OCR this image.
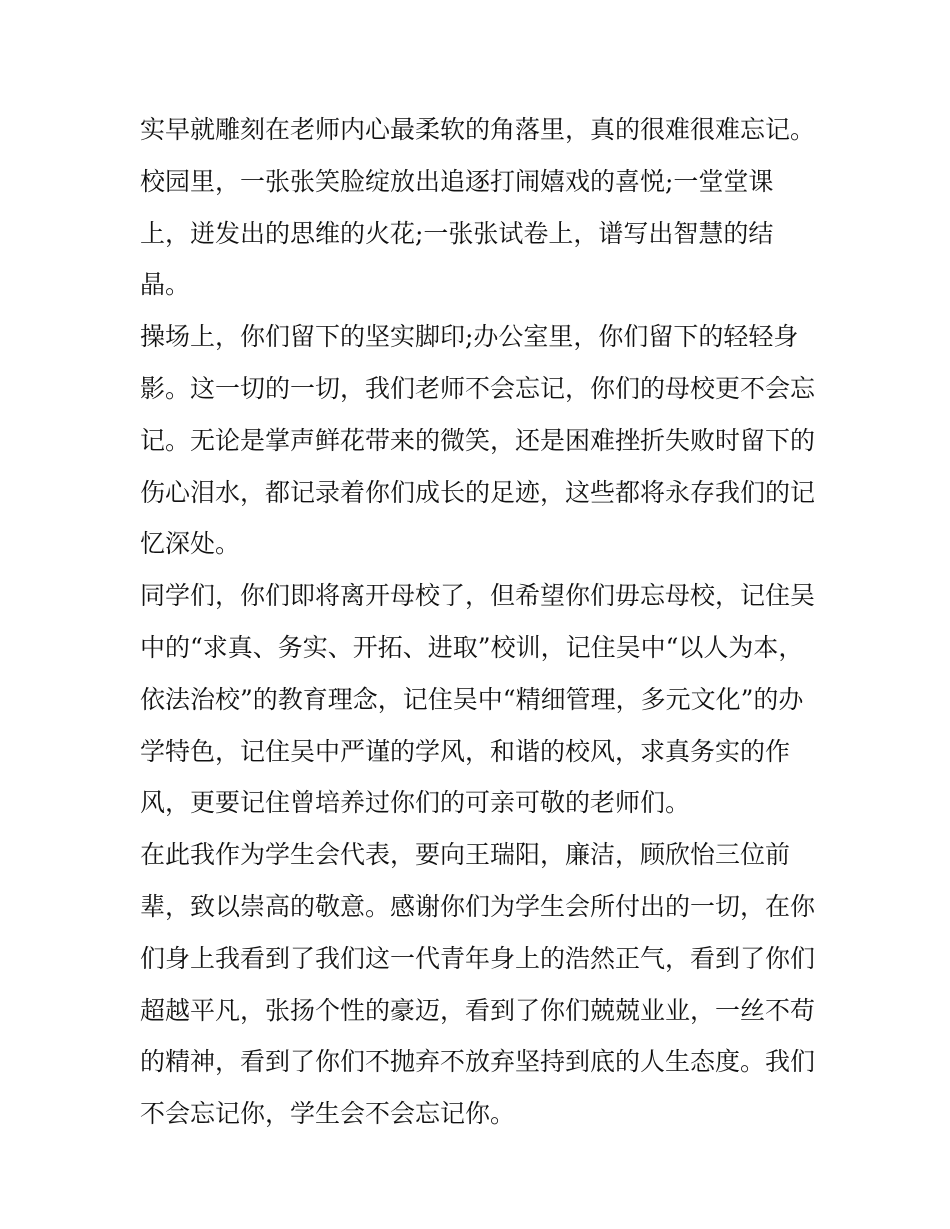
实早就雕刻在老师内心最柔软的角落里，真的很难很难忘记。
校园里，一张张笑脸绽放出追逐打闹嬉戏的喜悦;一堂堂课
上，迸发出的思维的火花;一张张试卷上，谱写出智慧的结
晶。
操场上，你们留下的坚实脚印;办公室里，你们留下的轻轻身
影。这一切的一切，我们老师不会忘记，你们的母校更不会忘
记。无论是掌声鲜花带来的微笑，还是困难挫折失败时留下的
伤心泪水，都记录着你们成长的足迹，这些都将永存我们的记
忆深处。
同学们，你们即将离开母校了，但希望你们毋忘母校，记住吴
中的“求真、务实、开拓、进取”校训，记住吴中“以人为本，
依法治校”的教育理念，记住吴中“精细管理，多元文化”的办
学特色，记住吴中严谨的学风，和谐的校风，求真务实的作
风，更要记住曾培养过你们的可亲可敬的老师们。
在此我作为学生会代表，要向王瑞阳，廉洁，顾欣怡三位前
辈，致以崇高的敬意。感谢你们为学生会所付出的一切，在你
们身上我看到了我们这一代青年身上的浩然正气，看到了你们
超越平凡，张扬个性的豪迈，看到了你们兢兢业业，一丝不苟
的精神，看到了你们不抛弃不放弃坚持到底的人生态度。我们
不会忘记你，学生会不会忘记你。
